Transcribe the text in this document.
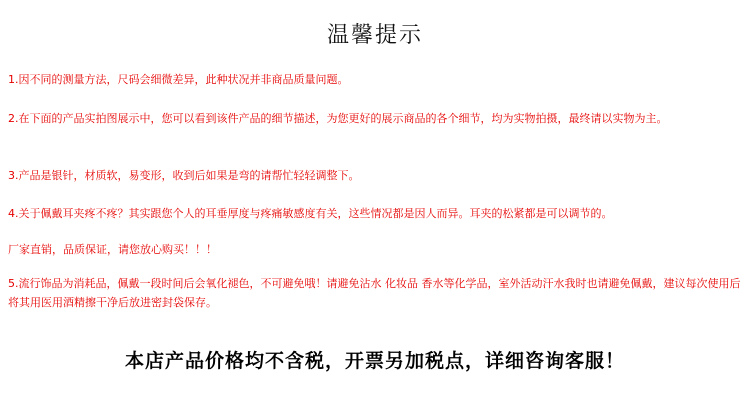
温馨提示
1.因不同的测量方法，尺码会细微差异，此种状况并非商品质量问题。
2.在下面的产品实拍图展示中，您可以看到该件产品的细节描述，为您更好的展示商品的各个细节，均为实物拍摄，最终请以实物为主。
3.产品是银针，材质软，易变形，收到后如果是弯的请帮忙轻轻调整下。
4.关于佩戴耳夹疼不疼？其实跟您个人的耳垂厚度与疼痛敏感度有关，这些情况都是因人而异。耳夹的松紧都是可以调节的。
厂家直销，品质保证，请您放心购买！！！
5.流行饰品为消耗品，佩戴一段时间后会氧化褪色，不可避免哦！请避免沾水 化妆品 香水等化学品，室外活动汗水我时也请避免佩戴，建议每次使用后将其用医用酒精擦干净后放进密封袋保存。
本店产品价格均不含税，开票另加税点，详细咨询客服！
